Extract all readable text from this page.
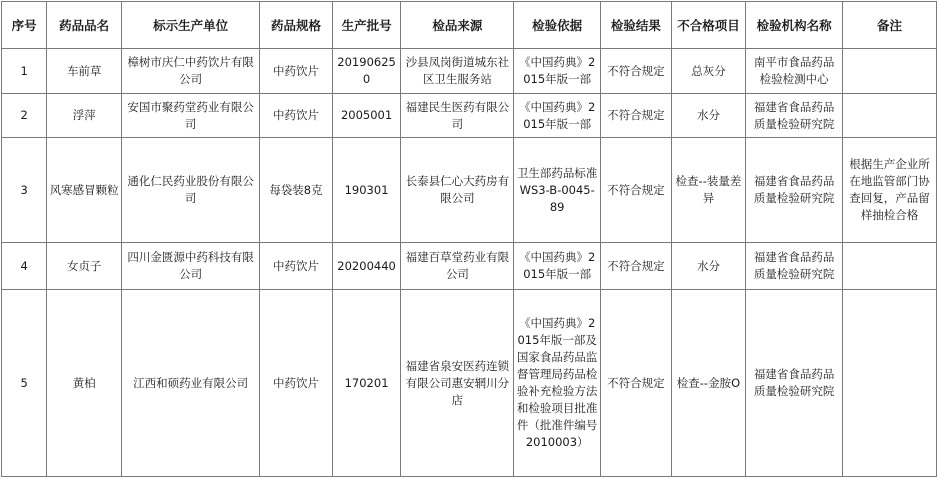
序号	药品品名	标示生产单位	药品规格	生产批号	检品来源	检验依据	检验结果	不合格项目	检验机构名称	备注
1	车前草	樟树市庆仁中药饮片有限公司	中药饮片	201906250	沙县凤岗街道城东社区卫生服务站	《中国药典》2015年版一部	不符合规定	总灰分	南平市食品药品检验检测中心	
2	浮萍	安国市聚药堂药业有限公司	中药饮片	2005001	福建民生医药有限公司	《中国药典》2015年版一部	不符合规定	水分	福建省食品药品质量检验研究院	
3	风寒感冒颗粒	通化仁民药业股份有限公司	每袋装8克	190301	长泰县仁心大药房有限公司	卫生部药品标准WS3-B-0045-89	不符合规定	检查--装量差异	福建省食品药品质量检验研究院	根据生产企业所在地监管部门协查回复，产品留样抽检合格
4	女贞子	四川金匮源中药科技有限公司	中药饮片	20200440	福建百草堂药业有限公司	《中国药典》2015年版一部	不符合规定	水分	福建省食品药品质量检验研究院	
5	黄柏	江西和硕药业有限公司	中药饮片	170201	福建省泉安医药连锁有限公司惠安辋川分店	《中国药典》2015年版一部及国家食品药品监督管理局药品检验补充检验方法和检验项目批准件（批准件编号2010003）	不符合规定	检查--金胺O	福建省食品药品质量检验研究院	
